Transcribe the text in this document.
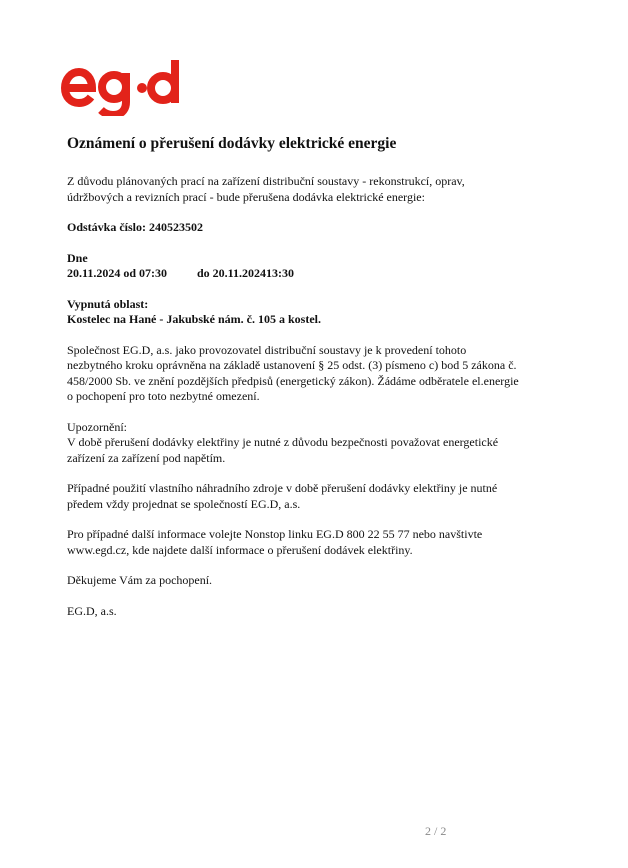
Oznámení o přerušení dodávky elektrické energie
Z důvodu plánovaných prací na zařízení distribuční soustavy - rekonstrukcí, oprav,
údržbových a revizních prací - bude přerušena dodávka elektrické energie:
Odstávka číslo: 240523502
Dne
20.11.2024 od 07:30 do 20.11.202413:30
Vypnutá oblast:
Kostelec na Hané - Jakubské nám. č. 105 a kostel.
Společnost EG.D, a.s. jako provozovatel distribuční soustavy je k provedení tohoto
nezbytného kroku oprávněna na základě ustanovení § 25 odst. (3) písmeno c) bod 5 zákona č.
458/2000 Sb. ve znění pozdějších předpisů (energetický zákon). Žádáme odběratele el.energie
o pochopení pro toto nezbytné omezení.
Upozornění:
V době přerušení dodávky elektřiny je nutné z důvodu bezpečnosti považovat energetické
zařízení za zařízení pod napětím.
Případné použití vlastního náhradního zdroje v době přerušení dodávky elektřiny je nutné
předem vždy projednat se společností EG.D, a.s.
Pro případné další informace volejte Nonstop linku EG.D 800 22 55 77 nebo navštivte
www.egd.cz, kde najdete další informace o přerušení dodávek elektřiny.
Děkujeme Vám za pochopení.
EG.D, a.s.
2 / 2
